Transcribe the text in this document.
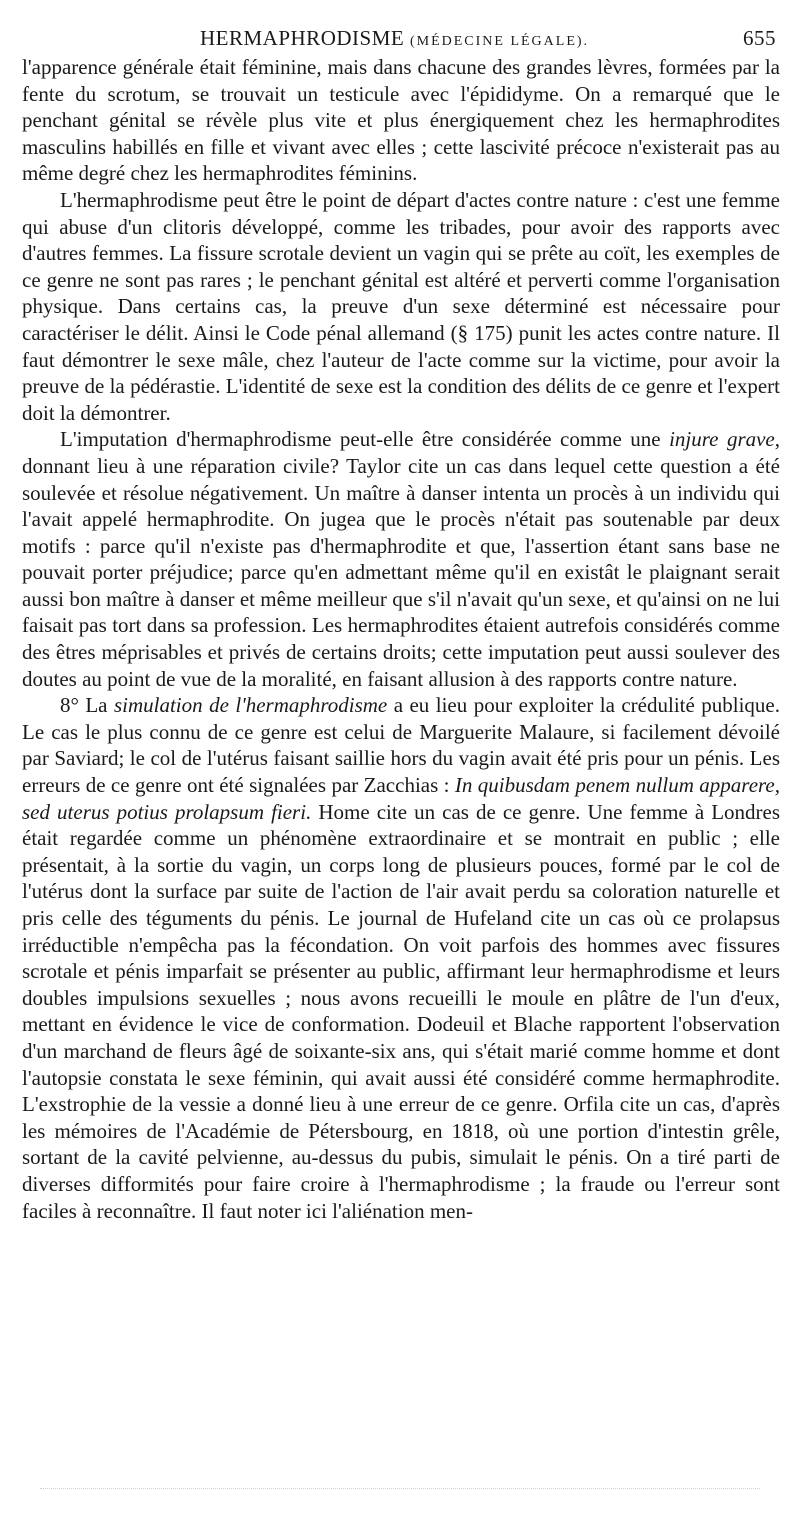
HERMAPHRODISME (MÉDECINE LÉGALE).	655

l'apparence générale était féminine, mais dans chacune des grandes lèvres, formées par la fente du scrotum, se trouvait un testicule avec l'épididyme. On a remarqué que le penchant génital se révèle plus vite et plus énergiquement chez les hermaphrodites masculins habillés en fille et vivant avec elles ; cette lascivité précoce n'existerait pas au même degré chez les hermaphrodites féminins.

L'hermaphrodisme peut être le point de départ d'actes contre nature : c'est une femme qui abuse d'un clitoris développé, comme les tribades, pour avoir des rapports avec d'autres femmes. La fissure scrotale devient un vagin qui se prête au coït, les exemples de ce genre ne sont pas rares ; le penchant génital est altéré et perverti comme l'organisation physique. Dans certains cas, la preuve d'un sexe déterminé est nécessaire pour caractériser le délit. Ainsi le Code pénal allemand (§ 175) punit les actes contre nature. Il faut démontrer le sexe mâle, chez l'auteur de l'acte comme sur la victime, pour avoir la preuve de la pédérastie. L'identité de sexe est la condition des délits de ce genre et l'expert doit la démontrer.

L'imputation d'hermaphrodisme peut-elle être considérée comme une injure grave, donnant lieu à une réparation civile? Taylor cite un cas dans lequel cette question a été soulevée et résolue négativement. Un maître à danser intenta un procès à un individu qui l'avait appelé hermaphrodite. On jugea que le procès n'était pas soutenable par deux motifs : parce qu'il n'existe pas d'hermaphrodite et que, l'assertion étant sans base ne pouvait porter préjudice; parce qu'en admettant même qu'il en existât le plaignant serait aussi bon maître à danser et même meilleur que s'il n'avait qu'un sexe, et qu'ainsi on ne lui faisait pas tort dans sa profession. Les hermaphrodites étaient autrefois considérés comme des êtres méprisables et privés de certains droits; cette imputation peut aussi soulever des doutes au point de vue de la moralité, en faisant allusion à des rapports contre nature.

8° La simulation de l'hermaphrodisme a eu lieu pour exploiter la crédulité publique. Le cas le plus connu de ce genre est celui de Marguerite Malaure, si facilement dévoilé par Saviard; le col de l'utérus faisant saillie hors du vagin avait été pris pour un pénis. Les erreurs de ce genre ont été signalées par Zacchias : In quibusdam penem nullum apparere, sed uterus potius prolapsum fieri. Home cite un cas de ce genre. Une femme à Londres était regardée comme un phénomène extraordinaire et se montrait en public ; elle présentait, à la sortie du vagin, un corps long de plusieurs pouces, formé par le col de l'utérus dont la surface par suite de l'action de l'air avait perdu sa coloration naturelle et pris celle des téguments du pénis. Le journal de Hufeland cite un cas où ce prolapsus irréductible n'empêcha pas la fécondation. On voit parfois des hommes avec fissures scrotale et pénis imparfait se présenter au public, affirmant leur hermaphrodisme et leurs doubles impulsions sexuelles ; nous avons recueilli le moule en plâtre de l'un d'eux, mettant en évidence le vice de conformation. Dodeuil et Blache rapportent l'observation d'un marchand de fleurs âgé de soixante-six ans, qui s'était marié comme homme et dont l'autopsie constata le sexe féminin, qui avait aussi été considéré comme hermaphrodite. L'exstrophie de la vessie a donné lieu à une erreur de ce genre. Orfila cite un cas, d'après les mémoires de l'Académie de Pétersbourg, en 1818, où une portion d'intestin grêle, sortant de la cavité pelvienne, au-dessus du pubis, simulait le pénis. On a tiré parti de diverses difformités pour faire croire à l'hermaphrodisme ; la fraude ou l'erreur sont faciles à reconnaître. Il faut noter ici l'aliénation men-
